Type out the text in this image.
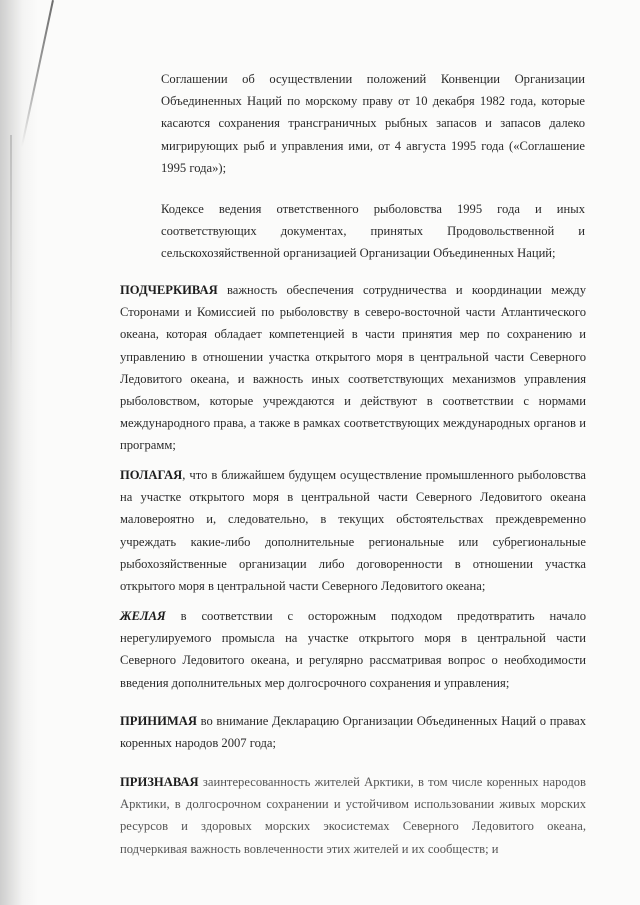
Соглашении об осуществлении положений Конвенции Организации Объединенных Наций по морскому праву от 10 декабря 1982 года, которые касаются сохранения трансграничных рыбных запасов и запасов далеко мигрирующих рыб и управления ими, от 4 августа 1995 года («Соглашение 1995 года»);

Кодексе ведения ответственного рыболовства 1995 года и иных соответствующих документах, принятых Продовольственной и сельскохозяйственной организацией Организации Объединенных Наций;

ПОДЧЕРКИВАЯ важность обеспечения сотрудничества и координации между Сторонами и Комиссией по рыболовству в северо-восточной части Атлантического океана, которая обладает компетенцией в части принятия мер по сохранению и управлению в отношении участка открытого моря в центральной части Северного Ледовитого океана, и важность иных соответствующих механизмов управления рыболовством, которые учреждаются и действуют в соответствии с нормами международного права, а также в рамках соответствующих международных органов и программ;

ПОЛАГАЯ, что в ближайшем будущем осуществление промышленного рыболовства на участке открытого моря в центральной части Северного Ледовитого океана маловероятно и, следовательно, в текущих обстоятельствах преждевременно учреждать какие-либо дополнительные региональные или субрегиональные рыбохозяйственные организации либо договоренности в отношении участка открытого моря в центральной части Северного Ледовитого океана;

ЖЕЛАЯ в соответствии с осторожным подходом предотвратить начало нерегулируемого промысла на участке открытого моря в центральной части Северного Ледовитого океана, и регулярно рассматривая вопрос о необходимости введения дополнительных мер долгосрочного сохранения и управления;

ПРИНИМАЯ во внимание Декларацию Организации Объединенных Наций о правах коренных народов 2007 года;

ПРИЗНАВАЯ заинтересованность жителей Арктики, в том числе коренных народов Арктики, в долгосрочном сохранении и устойчивом использовании живых морских ресурсов и здоровых морских экосистемах Северного Ледовитого океана, подчеркивая важность вовлеченности этих жителей и их сообществ; и
